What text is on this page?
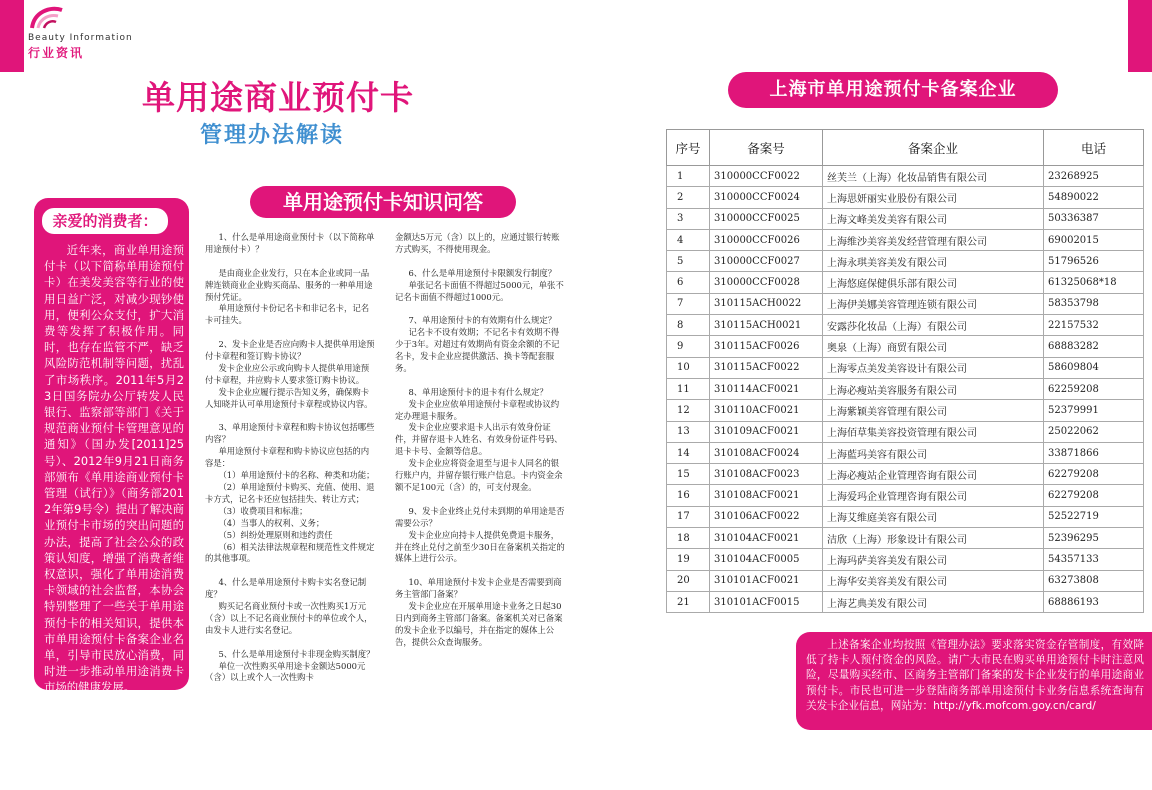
Beauty Information
行业资讯
单用途商业预付卡
管理办法解读
单用途预付卡知识问答
亲爱的消费者：
近年来，商业单用途预付卡（以下简称单用途预付卡）在美发美容等行业的使用日益广泛，对减少现钞使用，便利公众支付，扩大消费等发挥了积极作用。同时，也存在监管不严，缺乏风险防范机制等问题，扰乱了市场秩序。2011年5月23日国务院办公厅转发人民银行、监察部等部门《关于规范商业预付卡管理意见的通知》（国办发[2011]25号）、2012年9月21日商务部颁布《单用途商业预付卡管理（试行）》（商务部2012年第9号令）提出了解决商业预付卡市场的突出问题的办法，提高了社会公众的政策认知度，增强了消费者维权意识，强化了单用途消费卡领域的社会监督，本协会特别整理了一些关于单用途预付卡的相关知识，提供本市单用途预付卡备案企业名单，引导市民放心消费，同时进一步推动单用途消费卡市场的健康发展。

1、什么是单用途商业预付卡（以下简称单用途预付卡）？

是由商业企业发行，只在本企业或同一品牌连锁商业企业购买商品、服务的一种单用途预付凭证。

单用途预付卡份记名卡和非记名卡，记名卡可挂失。

2、发卡企业是否应向购卡人提供单用途预付卡章程和签订购卡协议？

发卡企业应公示或向购卡人提供单用途预付卡章程，并应购卡人要求签订购卡协议。

发卡企业应履行提示告知义务，确保购卡人知晓并认可单用途预付卡章程或协议内容。

3、单用途预付卡章程和购卡协议包括哪些内容？

单用途预付卡章程和购卡协议应包括的内容是：

（1）单用途预付卡的名称、种类和功能；

（2）单用途预付卡购买、充值、使用、退卡方式，记名卡还应包括挂失、转让方式；

（3）收费项目和标准；

（4）当事人的权利、义务；

（5）纠纷处理原则和违约责任

（6）相关法律法规章程和规范性文件规定的其他事项。

4、什么是单用途预付卡购卡实名登记制度？

购买记名商业预付卡或一次性购买1万元（含）以上不记名商业预付卡的单位或个人，由发卡人进行实名登记。

5、什么是单用途预付卡非现金购买制度？

单位一次性购买单用途卡金额达5000元（含）以上或个人一次性购卡

金额达5万元（含）以上的，应通过银行转账方式购买，不得使用现金。

6、什么是单用途预付卡限额发行制度？

单张记名卡面值不得超过5000元，单张不记名卡面值不得超过1000元。

7、单用途预付卡的有效期有什么规定？

记名卡不设有效期；不记名卡有效期不得少于3年。对超过有效期尚有资金余额的不记名卡，发卡企业应提供激活、换卡等配套服务。

8、单用途预付卡的退卡有什么规定？

发卡企业应依单用途预付卡章程或协议约定办理退卡服务。

发卡企业应要求退卡人出示有效身份证件，并留存退卡人姓名、有效身份证件号码、退卡卡号、金额等信息。

发卡企业应将资金退至与退卡人同名的银行账户内，并留存银行账户信息。卡内资金余额不足100元（含）的，可支付现金。

9、发卡企业终止兑付未到期的单用途是否需要公示？

发卡企业应向持卡人提供免费退卡服务，并在终止兑付之前至少30日在备案机关指定的媒体上进行公示。

10、单用途预付卡发卡企业是否需要到商务主管部门备案？

发卡企业应在开展单用途卡业务之日起30日内到商务主管部门备案。备案机关对已备案的发卡企业予以编号，并在指定的媒体上公告，提供公众查询服务。

上海市单用途预付卡备案企业
序号	备案号	备案企业	电话
1	310000CCF0022	丝芙兰（上海）化妆品销售有限公司	23268925
2	310000CCF0024	上海思妍丽实业股份有限公司	54890022
3	310000CCF0025	上海文峰美发美容有限公司	50336387
4	310000CCF0026	上海维沙美容美发经营管理有限公司	69002015
5	310000CCF0027	上海永琪美容美发有限公司	51796526
6	310000CCF0028	上海悠庭保健俱乐部有限公司	61325068*18
7	310115ACH0022	上海伊美娜美容管理连锁有限公司	58353798
8	310115ACH0021	安露莎化妆品（上海）有限公司	22157532
9	310115ACF0026	奥泉（上海）商贸有限公司	68883282
10	310115ACF0022	上海零点美发美容设计有限公司	58609804
11	310114ACF0021	上海必瘦站美容服务有限公司	62259208
12	310110ACF0021	上海紫颖美容管理有限公司	52379991
13	310109ACF0021	上海佰草集美容投资管理有限公司	25022062
14	310108ACF0024	上海藍玛美容有限公司	33871866
15	310108ACF0023	上海必瘦站企业管理咨询有限公司	62279208
16	310108ACF0021	上海爱玛企业管理咨询有限公司	62279208
17	310106ACF0022	上海艾维庭美容有限公司	52522719
18	310104ACF0021	洁欣（上海）形象设计有限公司	52396295
19	310104ACF0005	上海玛萨美容美发有限公司	54357133
20	310101ACF0021	上海华安美容美发有限公司	63273808
21	310101ACF0015	上海艺典美发有限公司	68886193
上述备案企业均按照《管理办法》要求落实资金存管制度，有效降低了持卡人预付资金的风险。请广大市民在购买单用途预付卡时注意风险，尽量购买经市、区商务主管部门备案的发卡企业发行的单用途商业预付卡。市民也可进一步登陆商务部单用途预付卡业务信息系统查询有关发卡企业信息，网站为：http://yfk.mofcom.goy.cn/card/
